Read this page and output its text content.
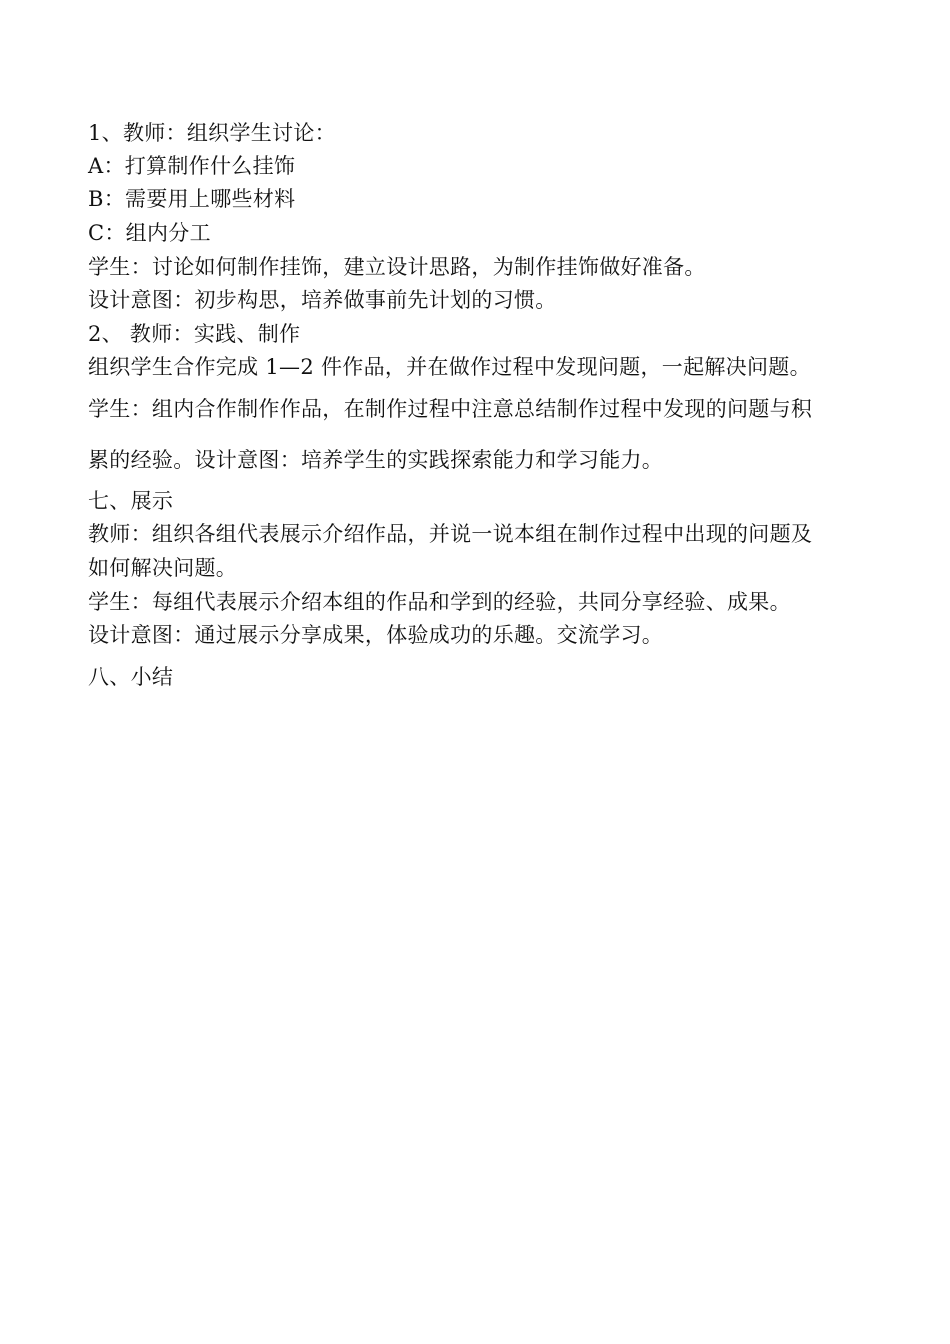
1、教师：组织学生讨论：
A：打算制作什么挂饰
B：需要用上哪些材料
C：组内分工
学生：讨论如何制作挂饰，建立设计思路，为制作挂饰做好准备。
设计意图：初步构思，培养做事前先计划的习惯。
2、 教师：实践、制作
组织学生合作完成 1—2 件作品，并在做作过程中发现问题，一起解决问题。
学生：组内合作制作作品，在制作过程中注意总结制作过程中发现的问题与积
累的经验。设计意图：培养学生的实践探索能力和学习能力。
七、展示
教师：组织各组代表展示介绍作品，并说一说本组在制作过程中出现的问题及
如何解决问题。
学生：每组代表展示介绍本组的作品和学到的经验，共同分享经验、成果。
设计意图：通过展示分享成果，体验成功的乐趣。交流学习。
八、小结
